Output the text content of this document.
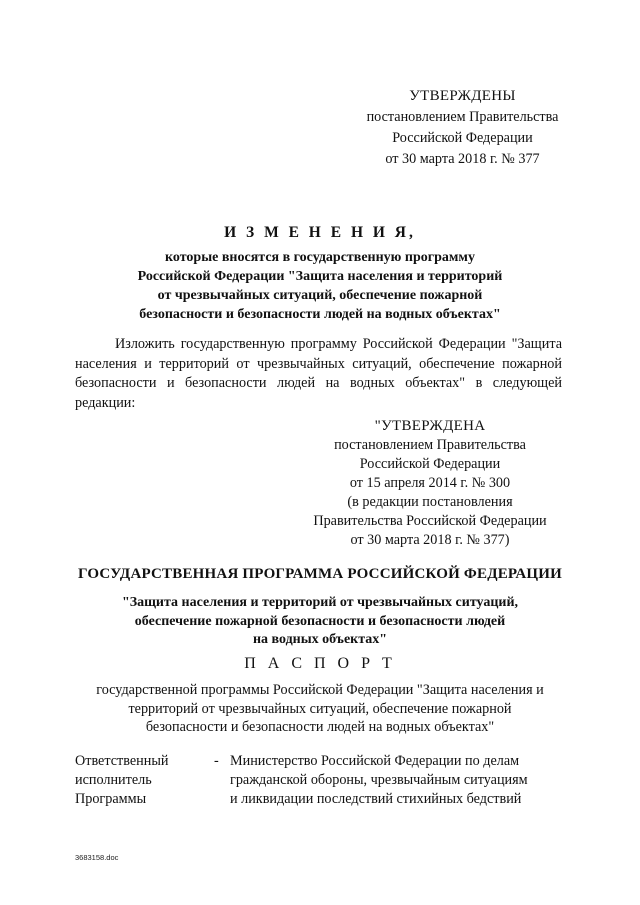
УТВЕРЖДЕНЫ
постановлением Правительства
Российской Федерации
от 30 марта 2018 г. № 377
И З М Е Н Е Н И Я,
которые вносятся в государственную программу
Российской Федерации "Защита населения и территорий
от чрезвычайных ситуаций, обеспечение пожарной
безопасности и безопасности людей на водных объектах"
Изложить государственную программу Российской Федерации "Защита населения и территорий от чрезвычайных ситуаций, обеспечение пожарной безопасности и безопасности людей на водных объектах" в следующей редакции:
"УТВЕРЖДЕНА
постановлением Правительства
Российской Федерации
от 15 апреля 2014 г. № 300
(в редакции постановления
Правительства Российской Федерации
от 30 марта 2018 г. № 377)
ГОСУДАРСТВЕННАЯ ПРОГРАММА РОССИЙСКОЙ ФЕДЕРАЦИИ
"Защита населения и территорий от чрезвычайных ситуаций,
обеспечение пожарной безопасности и безопасности людей
на водных объектах"
П А С П О Р Т
государственной программы Российской Федерации "Защита населения и
территорий от чрезвычайных ситуаций, обеспечение пожарной
безопасности и безопасности людей на водных объектах"
Ответственный
исполнитель
Программы
- Министерство Российской Федерации по делам
гражданской обороны, чрезвычайным ситуациям
и ликвидации последствий стихийных бедствий
3683158.doc
